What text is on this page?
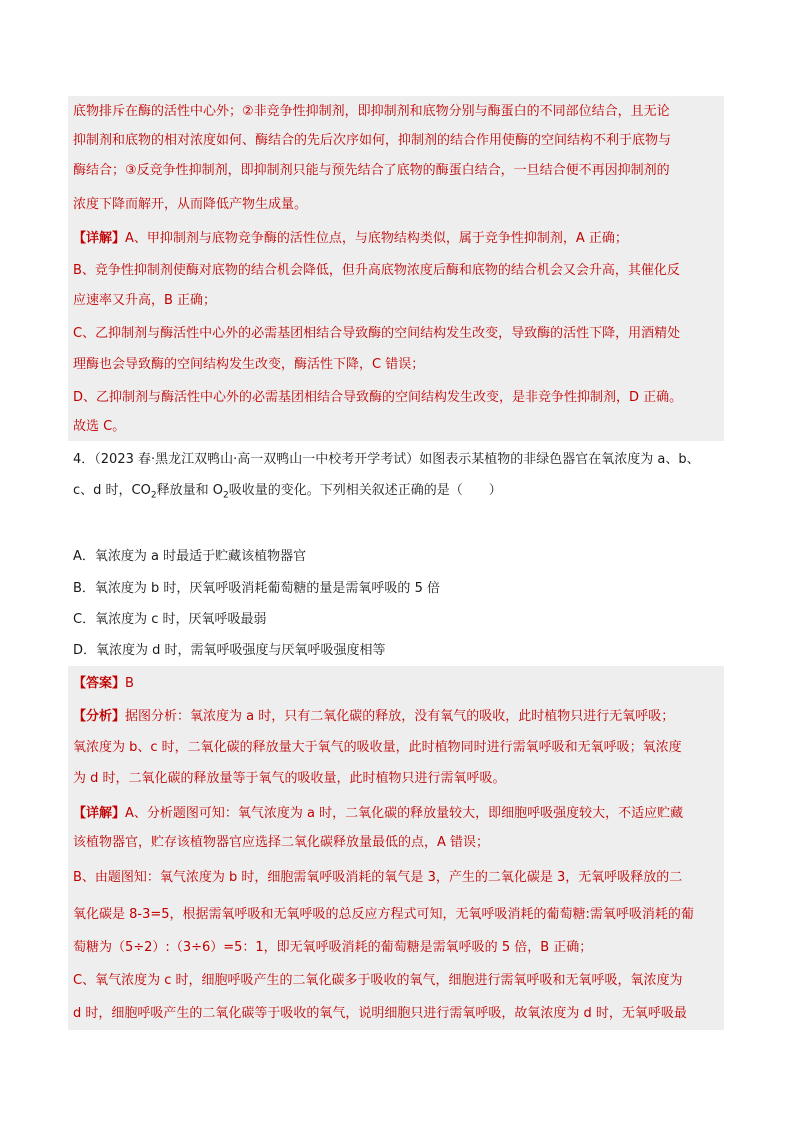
底物排斥在酶的活性中心外；②非竞争性抑制剂，即抑制剂和底物分别与酶蛋白的不同部位结合，且无论
抑制剂和底物的相对浓度如何、酶结合的先后次序如何，抑制剂的结合作用使酶的空间结构不利于底物与
酶结合；③反竞争性抑制剂，即抑制剂只能与预先结合了底物的酶蛋白结合，一旦结合便不再因抑制剂的
浓度下降而解开，从而降低产物生成量。
【详解】A、甲抑制剂与底物竞争酶的活性位点，与底物结构类似，属于竞争性抑制剂，A 正确；
B、竞争性抑制剂使酶对底物的结合机会降低，但升高底物浓度后酶和底物的结合机会又会升高，其催化反
应速率又升高，B 正确；
C、乙抑制剂与酶活性中心外的必需基团相结合导致酶的空间结构发生改变，导致酶的活性下降，用酒精处
理酶也会导致酶的空间结构发生改变，酶活性下降，C 错误；
D、乙抑制剂与酶活性中心外的必需基团相结合导致酶的空间结构发生改变，是非竞争性抑制剂，D 正确。
故选 C。
4．（2023 春·黑龙江双鸭山·高一双鸭山一中校考开学考试）如图表示某植物的非绿色器官在氧浓度为 a、b、
c、d 时，$CO_2$释放量和 $O_2$吸收量的变化。下列相关叙述正确的是（　　）
A．氧浓度为 a 时最适于贮藏该植物器官
B．氧浓度为 b 时，厌氧呼吸消耗葡萄糖的量是需氧呼吸的 5 倍
C．氧浓度为 c 时，厌氧呼吸最弱
D．氧浓度为 d 时，需氧呼吸强度与厌氧呼吸强度相等
【答案】B
【分析】据图分析：氧浓度为 a 时，只有二氧化碳的释放，没有氧气的吸收，此时植物只进行无氧呼吸；
氧浓度为 b、c 时，二氧化碳的释放量大于氧气的吸收量，此时植物同时进行需氧呼吸和无氧呼吸；氧浓度
为 d 时，二氧化碳的释放量等于氧气的吸收量，此时植物只进行需氧呼吸。
【详解】A、分析题图可知：氧气浓度为 a 时，二氧化碳的释放量较大，即细胞呼吸强度较大，不适应贮藏
该植物器官，贮存该植物器官应选择二氧化碳释放量最低的点，A 错误；
B、由题图知：氧气浓度为 b 时，细胞需氧呼吸消耗的氧气是 3，产生的二氧化碳是 3，无氧呼吸释放的二
氧化碳是 8-3=5，根据需氧呼吸和无氧呼吸的总反应方程式可知，无氧呼吸消耗的葡萄糖:需氧呼吸消耗的葡
萄糖为（5÷2）:（3÷6）=5：1，即无氧呼吸消耗的葡萄糖是需氧呼吸的 5 倍，B 正确；
C、氧气浓度为 c 时，细胞呼吸产生的二氧化碳多于吸收的氧气，细胞进行需氧呼吸和无氧呼吸，氧浓度为
d 时，细胞呼吸产生的二氧化碳等于吸收的氧气，说明细胞只进行需氧呼吸，故氧浓度为 d 时，无氧呼吸最
